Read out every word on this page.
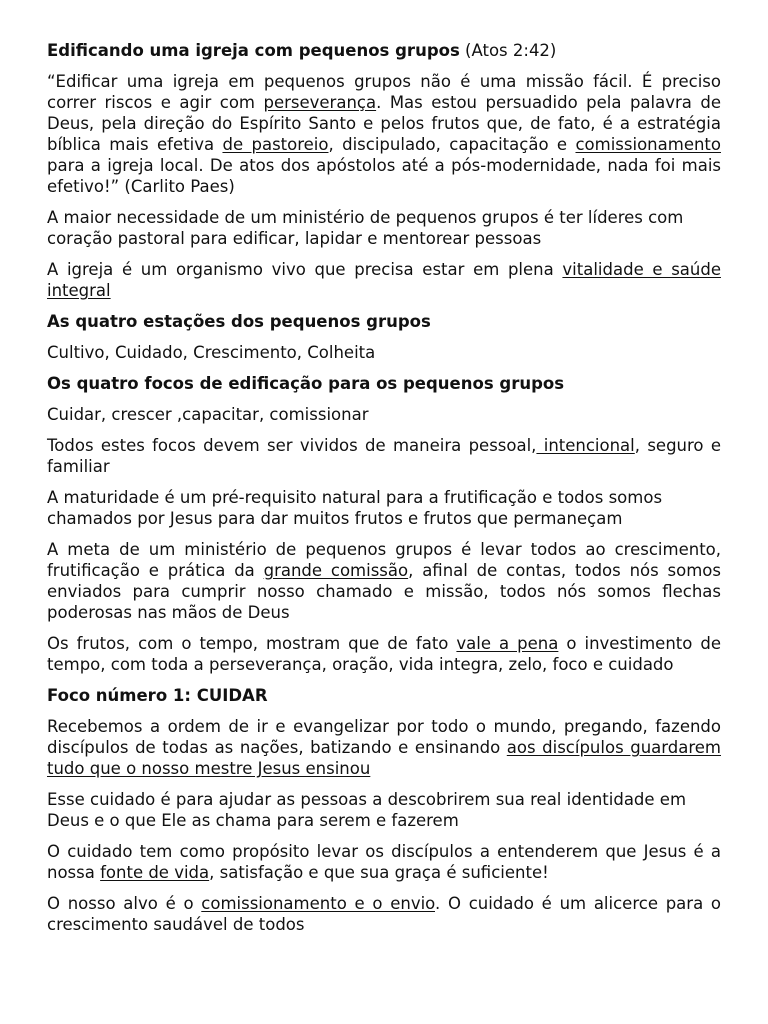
Edificando uma igreja com pequenos grupos (Atos 2:42)

“Edificar uma igreja em pequenos grupos não é uma missão fácil. É preciso correr riscos e agir com perseverança. Mas estou persuadido pela palavra de Deus, pela direção do Espírito Santo e pelos frutos que, de fato, é a estratégia bíblica mais efetiva de pastoreio, discipulado, capacitação e comissionamento para a igreja local. De atos dos apóstolos até a pós-modernidade, nada foi mais efetivo!” (Carlito Paes)

A maior necessidade de um ministério de pequenos grupos é ter líderes com coração pastoral para edificar, lapidar e mentorear pessoas

A igreja é um organismo vivo que precisa estar em plena vitalidade e saúde integral

As quatro estações dos pequenos grupos

Cultivo, Cuidado, Crescimento, Colheita

Os quatro focos de edificação para os pequenos grupos

Cuidar, crescer ,capacitar, comissionar

Todos estes focos devem ser vividos de maneira pessoal, intencional, seguro e familiar

A maturidade é um pré-requisito natural para a frutificação e todos somos chamados por Jesus para dar muitos frutos e frutos que permaneçam

A meta de um ministério de pequenos grupos é levar todos ao crescimento, frutificação e prática da grande comissão, afinal de contas, todos nós somos enviados para cumprir nosso chamado e missão, todos nós somos flechas poderosas nas mãos de Deus

Os frutos, com o tempo, mostram que de fato vale a pena o investimento de tempo, com toda a perseverança, oração, vida integra, zelo, foco e cuidado

Foco número 1: CUIDAR

Recebemos a ordem de ir e evangelizar por todo o mundo, pregando, fazendo discípulos de todas as nações, batizando e ensinando aos discípulos guardarem tudo que o nosso mestre Jesus ensinou

Esse cuidado é para ajudar as pessoas a descobrirem sua real identidade em Deus e o que Ele as chama para serem e fazerem

O cuidado tem como propósito levar os discípulos a entenderem que Jesus é a nossa fonte de vida, satisfação e que sua graça é suficiente!

O nosso alvo é o comissionamento e o envio. O cuidado é um alicerce para o crescimento saudável de todos
